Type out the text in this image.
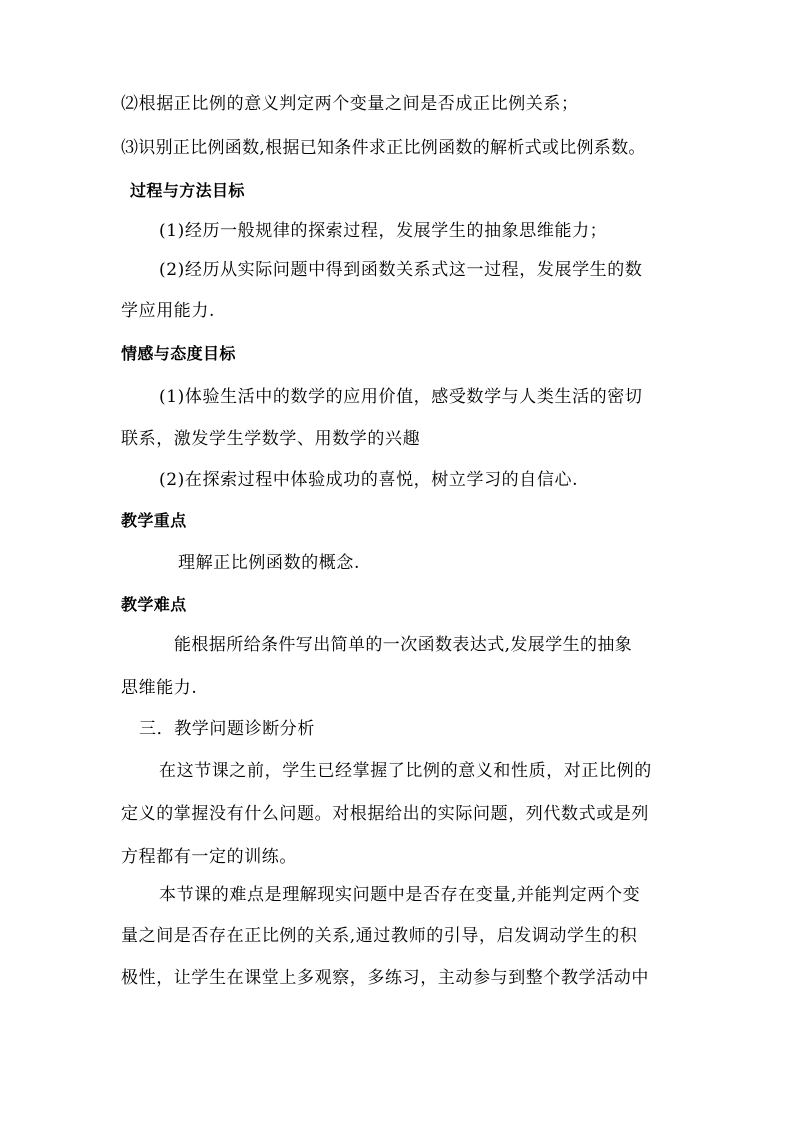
⑵根据正比例的意义判定两个变量之间是否成正比例关系；
⑶识别正比例函数,根据已知条件求正比例函数的解析式或比例系数。
过程与方法目标
(1)经历一般规律的探索过程，发展学生的抽象思维能力；
(2)经历从实际问题中得到函数关系式这一过程，发展学生的数
学应用能力.
情感与态度目标
(1)体验生活中的数学的应用价值，感受数学与人类生活的密切
联系，激发学生学数学、用数学的兴趣
(2)在探索过程中体验成功的喜悦，树立学习的自信心.
教学重点
理解正比例函数的概念.
教学难点
能根据所给条件写出简单的一次函数表达式,发展学生的抽象
思维能力.
三．教学问题诊断分析
在这节课之前，学生已经掌握了比例的意义和性质，对正比例的
定义的掌握没有什么问题。对根据给出的实际问题，列代数式或是列
方程都有一定的训练。
本节课的难点是理解现实问题中是否存在变量,并能判定两个变
量之间是否存在正比例的关系,通过教师的引导，启发调动学生的积
极性，让学生在课堂上多观察，多练习，主动参与到整个教学活动中
